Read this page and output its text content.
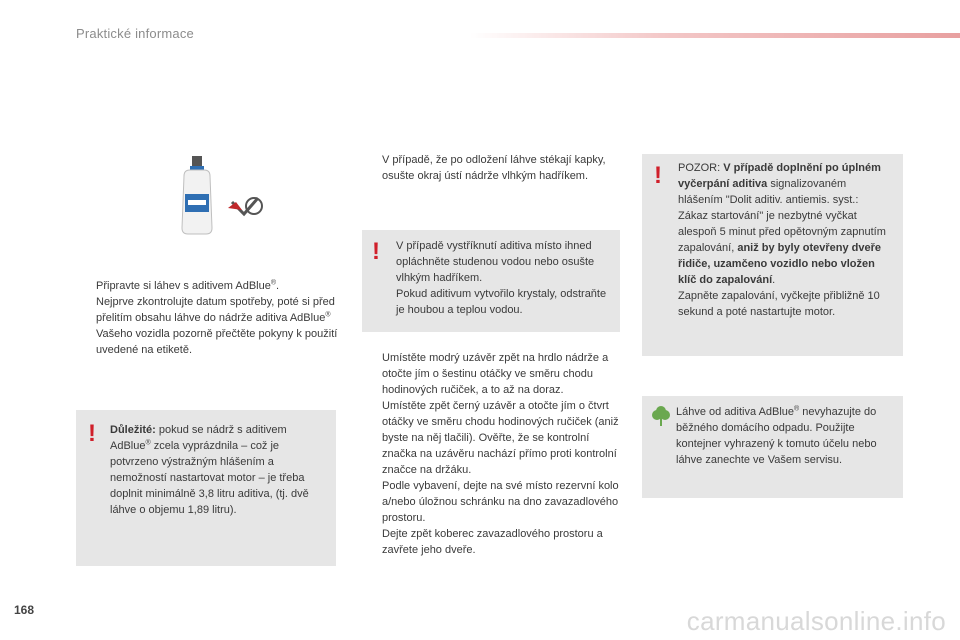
Praktické informace
Připravte si láhev s aditivem AdBlue®.
Nejprve zkontrolujte datum spotřeby, poté si před přelitím obsahu láhve do nádrže aditiva AdBlue® Vašeho vozidla pozorně přečtěte pokyny k použití uvedené na etiketě.
! Důležité: pokud se nádrž s aditivem AdBlue® zcela vyprázdnila – což je potvrzeno výstražným hlášením a nemožností nastartovat motor – je třeba doplnit minimálně 3,8 litru aditiva, (tj. dvě láhve o objemu 1,89 litru).
V případě, že po odložení láhve stékají kapky, osušte okraj ústí nádrže vlhkým hadříkem.
! V případě vystříknutí aditiva místo ihned opláchněte studenou vodou nebo osušte vlhkým hadříkem.
Pokud aditivum vytvořilo krystaly, odstraňte je houbou a teplou vodou.
Umístěte modrý uzávěr zpět na hrdlo nádrže a otočte jím o šestinu otáčky ve směru chodu hodinových ručiček, a to až na doraz.
Umístěte zpět černý uzávěr a otočte jím o čtvrt otáčky ve směru chodu hodinových ručiček (aniž byste na něj tlačili). Ověřte, že se kontrolní značka na uzávěru nachází přímo proti kontrolní značce na držáku.
Podle vybavení, dejte na své místo rezervní kolo a/nebo úložnou schránku na dno zavazadlového prostoru.
Dejte zpět koberec zavazadlového prostoru a zavřete jeho dveře.
! POZOR: V případě doplnění po úplném vyčerpání aditiva signalizovaném hlášením "Dolit aditiv. antiemis. syst.: Zákaz startování" je nezbytné vyčkat alespoň 5 minut před opětovným zapnutím zapalování, aniž by byly otevřeny dveře řidiče, uzamčeno vozidlo nebo vložen klíč do zapalování.
Zapněte zapalování, vyčkejte přibližně 10 sekund a poté nastartujte motor.
Láhve od aditiva AdBlue® nevyhazujte do běžného domácího odpadu. Použijte kontejner vyhrazený k tomuto účelu nebo láhve zanechte ve Vašem servisu.
168	carmanualsonline.info
